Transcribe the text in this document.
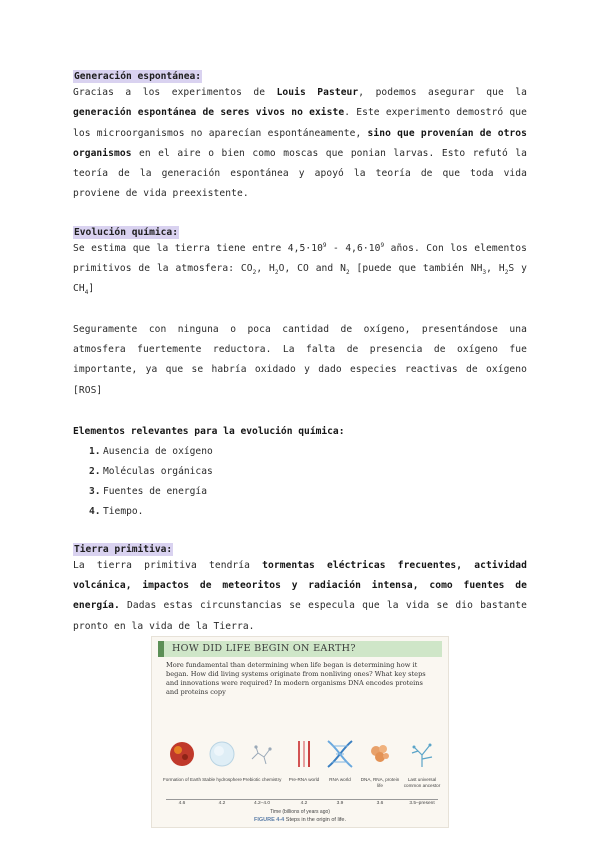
Generación espontánea:
Gracias a los experimentos de Louis Pasteur, podemos asegurar que la generación espontánea de seres vivos no existe. Este experimento demostró que los microorganismos no aparecían espontáneamente, sino que provenían de otros organismos en el aire o bien como moscas que ponian larvas. Esto refutó la teoría de la generación espontánea y apoyó la teoría de que toda vida proviene de vida preexistente.
Evolución química:
Se estima que la tierra tiene entre $4,5\cdot 10^9 - 4,6\cdot 10^9$ años. Con los elementos primitivos de la atmosfera: $CO_2$, $H_2O$, CO and $N_2$ [puede que también $NH_3$, $H_2S$ y $CH_4$]
Seguramente con ninguna o poca cantidad de oxígeno, presentándose una atmosfera fuertemente reductora. La falta de presencia de oxígeno fue importante, ya que se habría oxidado y dado especies reactivas de oxígeno [ROS]
Elementos relevantes para la evolución química:
1. Ausencia de oxígeno
2. Moléculas orgánicas
3. Fuentes de energía
4. Tiempo.
Tierra primitiva:
La tierra primitiva tendría tormentas eléctricas frecuentes, actividad volcánica, impactos de meteoritos y radiación intensa, como fuentes de energía. Dadas estas circunstancias se especula que la vida se dio bastante pronto en la vida de la Tierra.
HOW DID LIFE BEGIN ON EARTH?
More fundamental than determining when life began is determining how it began. How did living systems originate from nonliving ones? What key steps and innovations were required? In modern organisms DNA encodes proteins and proteins copy
Formation of Earth Stable hydrosphere Prebiotic chemistry	Pre-RNA world	RNA world	DNA, RNA, protein life
Last universal common ancestor
4.6	4.2	4.2–4.0	4.2	3.9	3.6	3.5–present
Time (billions of years ago)
FIGURE 4-4 Steps in the origin of life.
